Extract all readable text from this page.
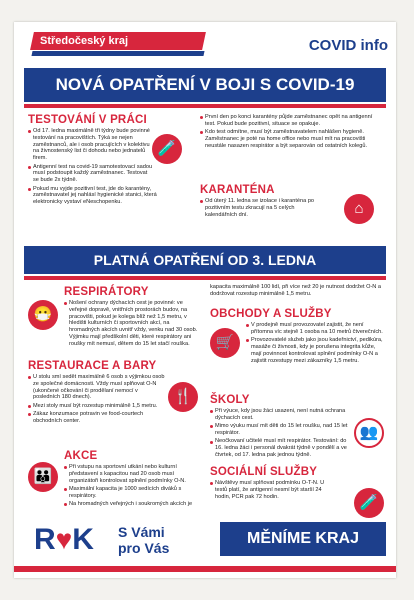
Středočeský kraj	COVID info
NOVÁ OPATŘENÍ V BOJI S COVID-19
TESTOVÁNÍ V PRÁCI
Od 17. ledna maximálně tři týdny bude povinné testování na pracovištích. Týká se nejen zaměstnanců, ale i osob pracujících v kolektivu na živnostenský list či dohodu nebo jednatelů firem.
Antigenní test na covid-19 samotestovací sadou musí podstoupit každý zaměstnanec. Testovat se bude 2x týdně.
Pokud mu vyjde pozitivní test, jde do karantény, zaměstnavatel jej nahlásí hygienické stanici, která elektronicky vystaví eNeschopenku.
🧪
První den po konci karantény půjde zaměstnanec opět na antigenní test. Pokud bude pozitivní, situace se opakuje.
Kdo test odmítne, musí být zaměstnavatelem nahlášen hygieně. Zaměstnanec je poté na home office nebo musí mít na pracovišti neustále nasazen respirátor a být separován od ostatních kolegů.
KARANTÉNA
Od úterý 11. ledna se izolace i karanténa po pozitivním testu zkracují na 5 celých kalendářních dní.	⌂
PLATNÁ OPATŘENÍ OD 3. LEDNA
RESPIRÁTORY
Nošení ochrany dýchacích cest je povinné: ve veřejné dopravě, vnitřních prostorách budov, na pracovišti, pokud je kolega blíž než 1,5 metru, v hledišti kulturních či sportovních akcí, na hromadných akcích uvnitř vždy, venku nad 30 osob. Výjimku mají předškolní děti, které respirátory ani roušky mít nemusí, dětem do 15 let stačí rouška.
😷

kapacita maximálně 100 lidí, při více než 20 je nutnost dodržet O-N a dodržovat rozestup minimálně 1,5 metru.

OBCHODY A SLUŽBY
V prodejně musí provozovatel zajistit, že není přítomna víc stejně 1 osoba na 10 metrů čtverečních.
Provozovatelé služeb jako jsou kadeřnictví, pedikúra, masáže či živnosti, kdy je porušena integrita kůže, mají povinnost kontrolovat splnění podmínky O-N a zajistit rozestupy mezi zákazníky 1,5 metru.
🛒
RESTAURACE A BARY
U stolu smí sedět maximálně 6 osob s výjimkou osob ze společné domácnosti. Vždy musí splňovat O-N (ukončené očkování či prodělaní nemocí v posledních 180 dnech).
Mezi stoly musí být rozestup minimálně 1,5 metru.
Zákaz konzumace potravin ve food-courtech obchodních center.
🍴	ŠKOLY
Při výuce, kdy jsou žáci usazeni, není nutná ochrana dýchacích cest.
Mimo výuku musí mít děti do 15 let roušku, nad 15 let respirátor.
Neočkovaní učitelé musí mít respirátor. Testování: do 16. ledna žáci i personál dvakrát týdně v pondělí a ve čtvrtek, od 17. ledna pak jednou týdně.
👥
AKCE
Při vstupu na sportovní utkání nebo kulturní představení s kapacitou nad 20 osob musí organizátoři kontrolovat splnění podmínky O-N.
Maximální kapacita je 1000 sedících diváků s respirátory.
Na hromadných veřejných i soukromých akcích je
👪	SOCIÁLNÍ SLUŽBY
Návštěvy musí splňovat podmínku O-T-N. U testů platí, že antigenní nesmí být starší 24 hodin, PCR pak 72 hodin.	🧪
R♥K S Vámi
pro Vás
MĚNÍME KRAJ
